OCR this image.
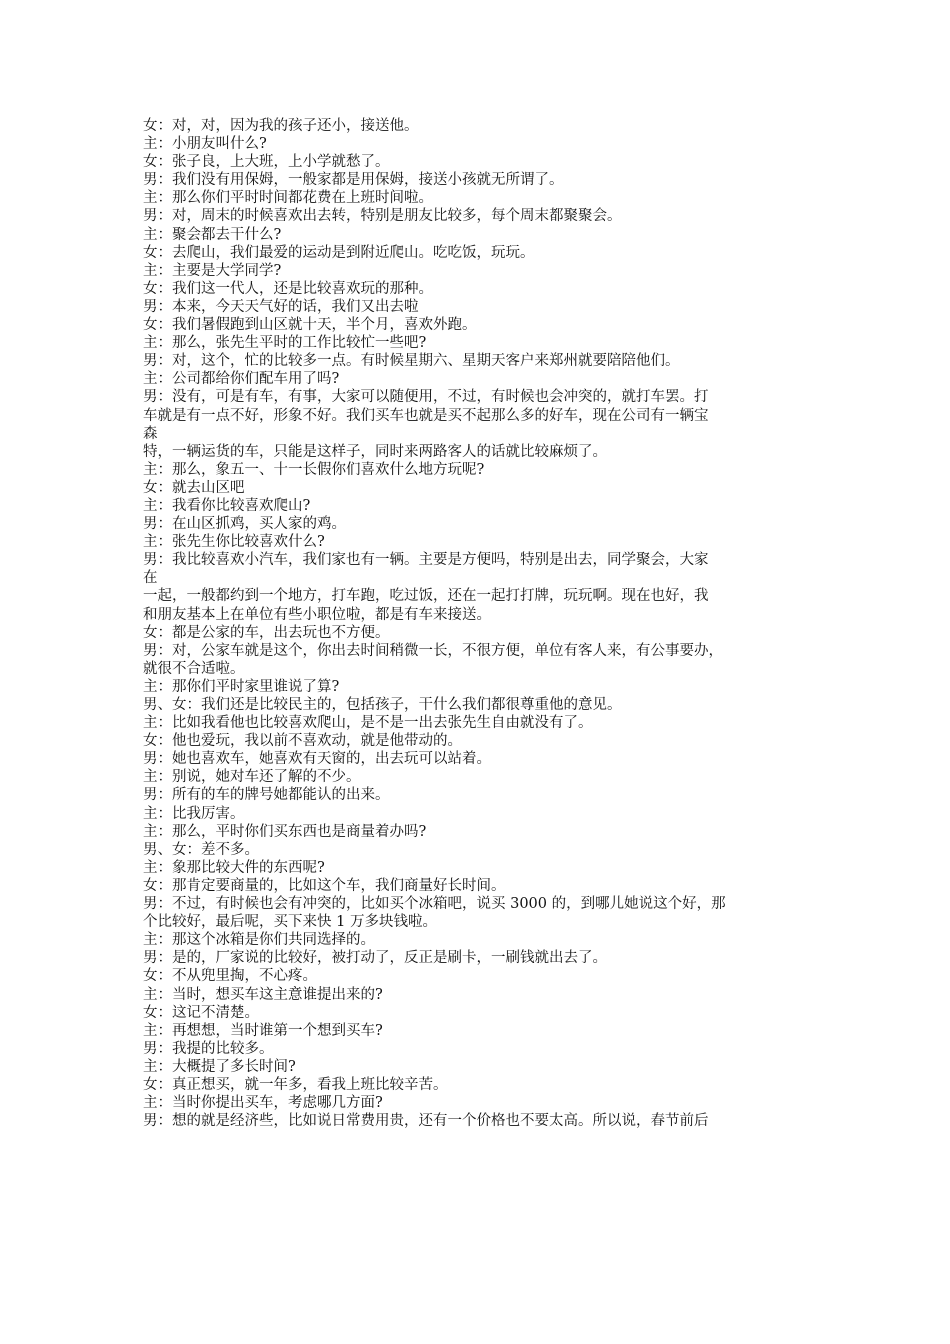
女：对，对，因为我的孩子还小，接送他。
主：小朋友叫什么?
女：张子良，上大班，上小学就愁了。
男：我们没有用保姆，一般家都是用保姆，接送小孩就无所谓了。
主：那么你们平时时间都花费在上班时间啦。
男：对，周末的时候喜欢出去转，特别是朋友比较多，每个周末都聚聚会。
主：聚会都去干什么?
女：去爬山，我们最爱的运动是到附近爬山。吃吃饭，玩玩。
主：主要是大学同学?
女：我们这一代人，还是比较喜欢玩的那种。
男：本来，今天天气好的话，我们又出去啦
女：我们暑假跑到山区就十天，半个月，喜欢外跑。
主：那么，张先生平时的工作比较忙一些吧?
男：对，这个，忙的比较多一点。有时候星期六、星期天客户来郑州就要陪陪他们。
主：公司都给你们配车用了吗?
男：没有，可是有车，有事，大家可以随便用，不过，有时候也会冲突的，就打车罢。打
车就是有一点不好，形象不好。我们买车也就是买不起那么多的好车，现在公司有一辆宝
森
特，一辆运货的车，只能是这样子，同时来两路客人的话就比较麻烦了。
主：那么，象五一、十一长假你们喜欢什么地方玩呢?
女：就去山区吧
主：我看你比较喜欢爬山?
男：在山区抓鸡，买人家的鸡。
主：张先生你比较喜欢什么?
男：我比较喜欢小汽车，我们家也有一辆。主要是方便吗，特别是出去，同学聚会，大家
在
一起，一般都约到一个地方，打车跑，吃过饭，还在一起打打牌，玩玩啊。现在也好，我
和朋友基本上在单位有些小职位啦，都是有车来接送。
女：都是公家的车，出去玩也不方便。
男：对，公家车就是这个，你出去时间稍微一长，不很方便，单位有客人来，有公事要办，
就很不合适啦。
主：那你们平时家里谁说了算?
男、女：我们还是比较民主的，包括孩子，干什么我们都很尊重他的意见。
主：比如我看他也比较喜欢爬山，是不是一出去张先生自由就没有了。
女：他也爱玩，我以前不喜欢动，就是他带动的。
男：她也喜欢车，她喜欢有天窗的，出去玩可以站着。
主：别说，她对车还了解的不少。
男：所有的车的牌号她都能认的出来。
主：比我厉害。
主：那么，平时你们买东西也是商量着办吗?
男、女：差不多。
主：象那比较大件的东西呢?
女：那肯定要商量的，比如这个车，我们商量好长时间。
男：不过，有时候也会有冲突的，比如买个冰箱吧，说买 3000 的，到哪儿她说这个好，那
个比较好，最后呢，买下来快 1 万多块钱啦。
主：那这个冰箱是你们共同选择的。
男：是的，厂家说的比较好，被打动了，反正是刷卡，一刷钱就出去了。
女：不从兜里掏，不心疼。
主：当时，想买车这主意谁提出来的?
女：这记不清楚。
主：再想想，当时谁第一个想到买车?
男：我提的比较多。
主：大概提了多长时间?
女：真正想买，就一年多，看我上班比较辛苦。
主：当时你提出买车，考虑哪几方面?
男：想的就是经济些，比如说日常费用贵，还有一个价格也不要太高。所以说，春节前后
